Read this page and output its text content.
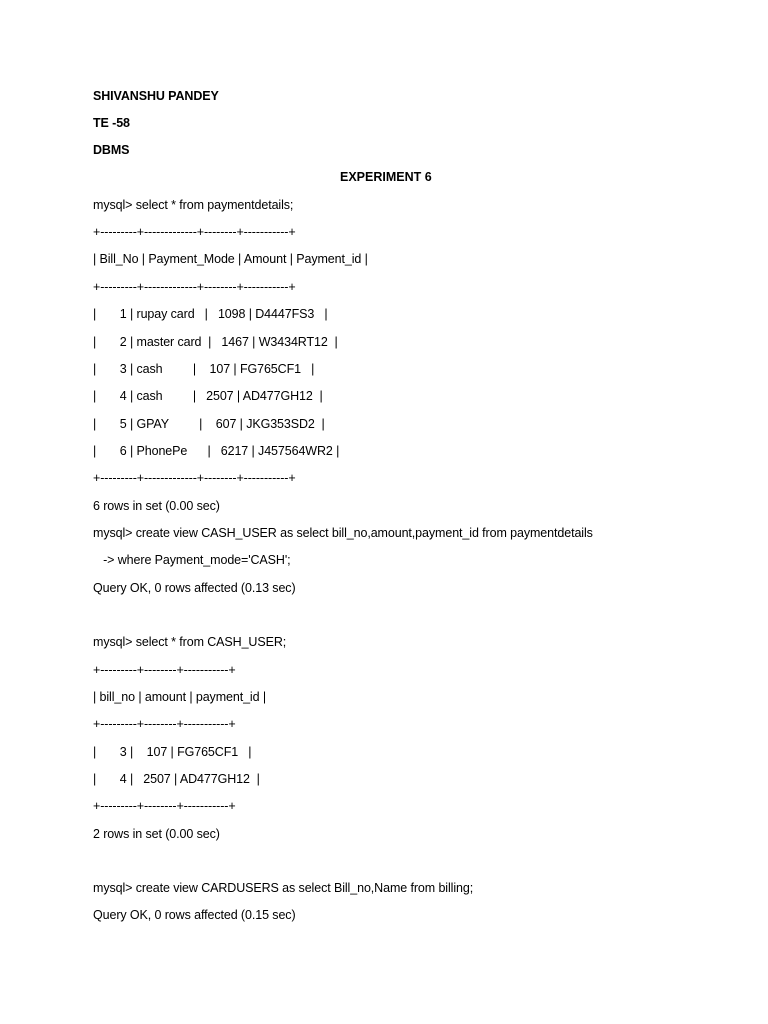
SHIVANSHU PANDEY
TE -58
DBMS
EXPERIMENT 6
mysql> select * from paymentdetails;
+---------+-------------+--------+-----------+
| Bill_No | Payment_Mode | Amount | Payment_id |
+---------+-------------+--------+-----------+
|       1 | rupay card   |   1098 | D4447FS3   |
|       2 | master card  |   1467 | W3434RT12  |
|       3 | cash         |    107 | FG765CF1   |
|       4 | cash         |   2507 | AD477GH12  |
|       5 | GPAY         |    607 | JKG353SD2  |
|       6 | PhonePe      |   6217 | J457564WR2 |
+---------+-------------+--------+-----------+
6 rows in set (0.00 sec)
mysql> create view CASH_USER as select bill_no,amount,payment_id from paymentdetails
-> where Payment_mode='CASH';
Query OK, 0 rows affected (0.13 sec)
mysql> select * from CASH_USER;
+---------+--------+-----------+
| bill_no | amount | payment_id |
+---------+--------+-----------+
|       3 |    107 | FG765CF1   |
|       4 |   2507 | AD477GH12  |
+---------+--------+-----------+
2 rows in set (0.00 sec)
mysql> create view CARDUSERS as select Bill_no,Name from billing;
Query OK, 0 rows affected (0.15 sec)
